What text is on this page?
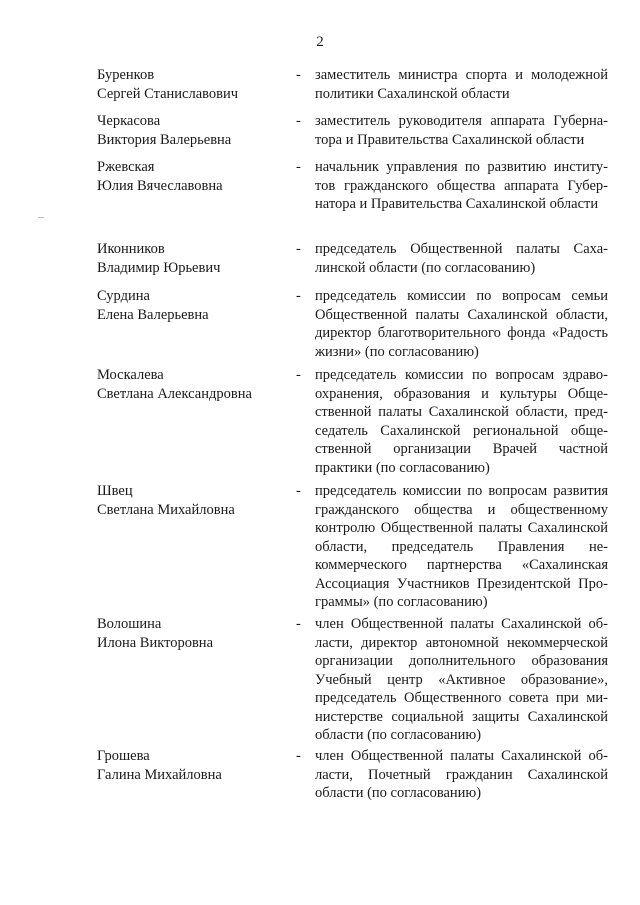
2
Буренков
Сергей Станиславович
- заместитель министра спорта и молодежной политики Сахалинской области
Черкасова
Виктория Валерьевна
- заместитель руководителя аппарата Губернатора и Правительства Сахалинской области
Ржевская
Юлия Вячеславовна
- начальник управления по развитию институтов гражданского общества аппарата Губернатора и Правительства Сахалинской области
Иконников
Владимир Юрьевич
- председатель Общественной палаты Сахалинской области (по согласованию)
Сурдина
Елена Валерьевна
- председатель комиссии по вопросам семьи Общественной палаты Сахалинской области, директор благотворительного фонда «Радость жизни» (по согласованию)
Москалева
Светлана Александровна
- председатель комиссии по вопросам здравоохранения, образования и культуры Общественной палаты Сахалинской области, председатель Сахалинской региональной общественной организации Врачей частной практики (по согласованию)
Швец
Светлана Михайловна
- председатель комиссии по вопросам развития гражданского общества и общественному контролю Общественной палаты Сахалинской области, председатель Правления некоммерческого партнерства «Сахалинская Ассоциация Участников Президентской Программы» (по согласованию)
Волошина
Илона Викторовна
- член Общественной палаты Сахалинской области, директор автономной некоммерческой организации дополнительного образования Учебный центр «Активное образование», председатель Общественного совета при министерстве социальной защиты Сахалинской области (по согласованию)
Грошева
Галина Михайловна
- член Общественной палаты Сахалинской области, Почетный гражданин Сахалинской области (по согласованию)
